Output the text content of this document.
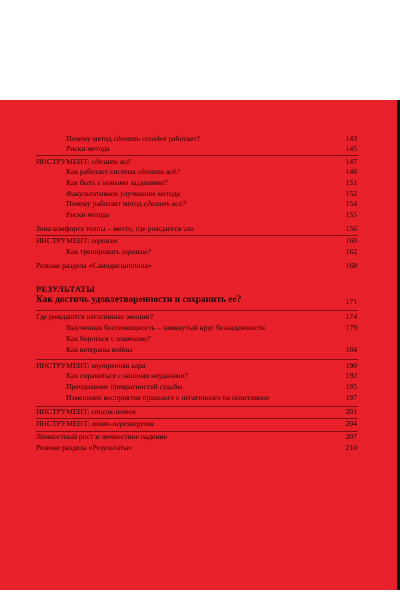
Почему метод сделать сегодня работает?	143
Риски метода	145
ИНСТРУМЕНТ: сделать всё	147
Как работает система сделать всё?	148
Как быть с новыми заданиями?	151
Факультативное улучшение метода	152
Почему работает метод сделать всё?	154
Риски метода	155
Зона комфорта толпы – место, где рождается зло	156
ИНСТРУМЕНТ: героизм	160
Как тренировать героизм?	162
Резюме раздела «Самодисциплина»	168
РЕЗУЛЬТАТЫ
Как достичь удовлетворенности и сохранить ее?	171
Где рождаются негативные эмоции?	174
Выученная беспомощность – замкнутый круг безнадежности	179
Как бороться с хомяками?
Как ветераны войны	184
ИНСТРУМЕНТ: внутренняя игра	190
Как справиться с нашими неудачами?	192
Преодоление превратностей судьбы	195
Изменение восприятия прошлого с негативного на позитивное	197
ИНСТРУМЕНТ: список-поток	201
ИНСТРУМЕНТ: хомяк-перезагрузка	204
Личностный рост и личностное падение	207
Резюме раздела «Результаты»	210
